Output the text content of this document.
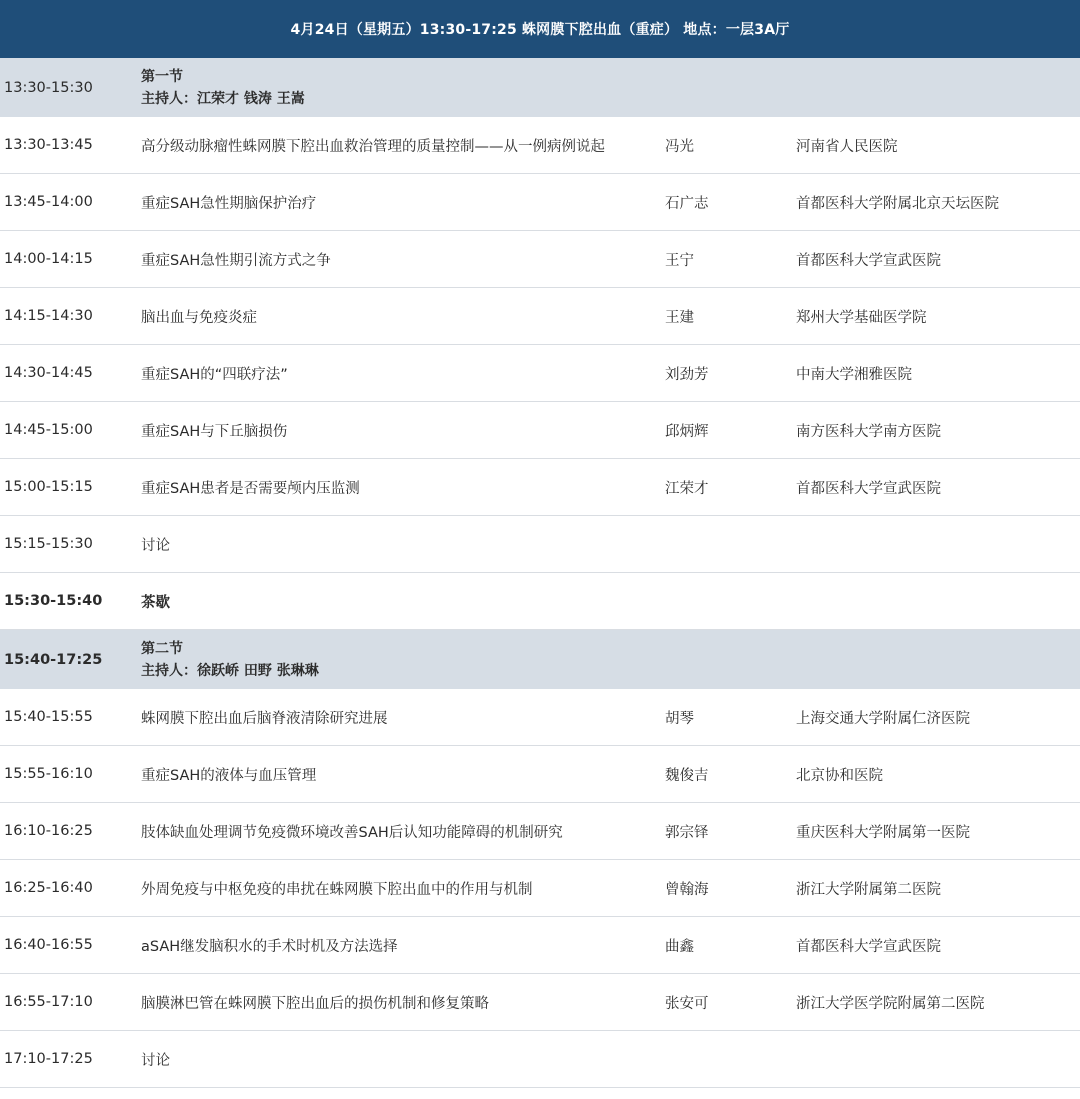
4月24日（星期五）13:30-17:25 蛛网膜下腔出血（重症） 地点：一层3A厅
13:30-15:30
第一节
主持人：江荣才 钱涛 王嵩
13:30-13:45	高分级动脉瘤性蛛网膜下腔出血救治管理的质量控制——从一例病例说起	冯光	河南省人民医院
13:45-14:00	重症SAH急性期脑保护治疗	石广志	首都医科大学附属北京天坛医院
14:00-14:15	重症SAH急性期引流方式之争	王宁	首都医科大学宣武医院
14:15-14:30	脑出血与免疫炎症	王建	郑州大学基础医学院
14:30-14:45	重症SAH的“四联疗法”	刘劲芳	中南大学湘雅医院
14:45-15:00	重症SAH与下丘脑损伤	邱炳辉	南方医科大学南方医院
15:00-15:15	重症SAH患者是否需要颅内压监测	江荣才	首都医科大学宣武医院
15:15-15:30	讨论
15:30-15:40	茶歇
15:40-17:25
第二节
主持人：徐跃峤 田野 张琳琳
15:40-15:55	蛛网膜下腔出血后脑脊液清除研究进展	胡琴	上海交通大学附属仁济医院
15:55-16:10	重症SAH的液体与血压管理	魏俊吉	北京协和医院
16:10-16:25	肢体缺血处理调节免疫微环境改善SAH后认知功能障碍的机制研究	郭宗铎	重庆医科大学附属第一医院
16:25-16:40	外周免疫与中枢免疫的串扰在蛛网膜下腔出血中的作用与机制	曾翰海	浙江大学附属第二医院
16:40-16:55	aSAH继发脑积水的手术时机及方法选择	曲鑫	首都医科大学宣武医院
16:55-17:10	脑膜淋巴管在蛛网膜下腔出血后的损伤机制和修复策略	张安可	浙江大学医学院附属第二医院
17:10-17:25	讨论
